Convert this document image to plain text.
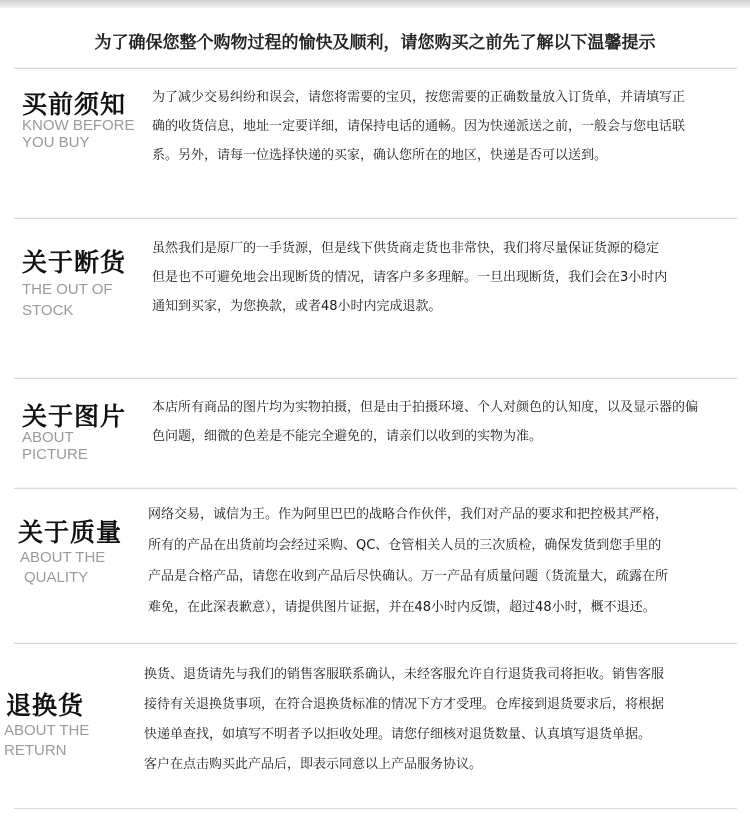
为了确保您整个购物过程的愉快及顺利，请您购买之前先了解以下温馨提示
买前须知
KNOW BEFORE
YOU BUY

为了减少交易纠纷和误会，请您将需要的宝贝，按您需要的正确数量放入订货单，并请填写正

确的收货信息，地址一定要详细，请保持电话的通畅。因为快递派送之前，一般会与您电话联

系。另外，请每一位选择快递的买家，确认您所在的地区，快递是否可以送到。

关于断货
THE OUT OF
STOCK

虽然我们是原厂的一手货源，但是线下供货商走货也非常快，我们将尽量保证货源的稳定

但是也不可避免地会出现断货的情况，请客户多多理解。一旦出现断货，我们会在3小时内

通知到买家，为您换款，或者48小时内完成退款。

关于图片
ABOUT
PICTURE

本店所有商品的图片均为实物拍摄，但是由于拍摄环境、个人对颜色的认知度，以及显示器的偏

色问题，细微的色差是不能完全避免的，请亲们以收到的实物为准。

关于质量
ABOUT THE
QUALITY

网络交易，诚信为王。作为阿里巴巴的战略合作伙伴，我们对产品的要求和把控极其严格，

所有的产品在出货前均会经过采购、QC、仓管相关人员的三次质检，确保发货到您手里的

产品是合格产品，请您在收到产品后尽快确认。万一产品有质量问题（货流量大，疏露在所

难免，在此深表歉意），请提供图片证据，并在48小时内反馈，超过48小时，概不退还。

退换货
ABOUT THE
RETURN

换货、退货请先与我们的销售客服联系确认，未经客服允许自行退货我司将拒收。销售客服

接待有关退换货事项，在符合退换货标准的情况下方才受理。仓库接到退货要求后，将根据

快递单查找，如填写不明者予以拒收处理。请您仔细核对退货数量、认真填写退货单据。

客户在点击购买此产品后，即表示同意以上产品服务协议。
